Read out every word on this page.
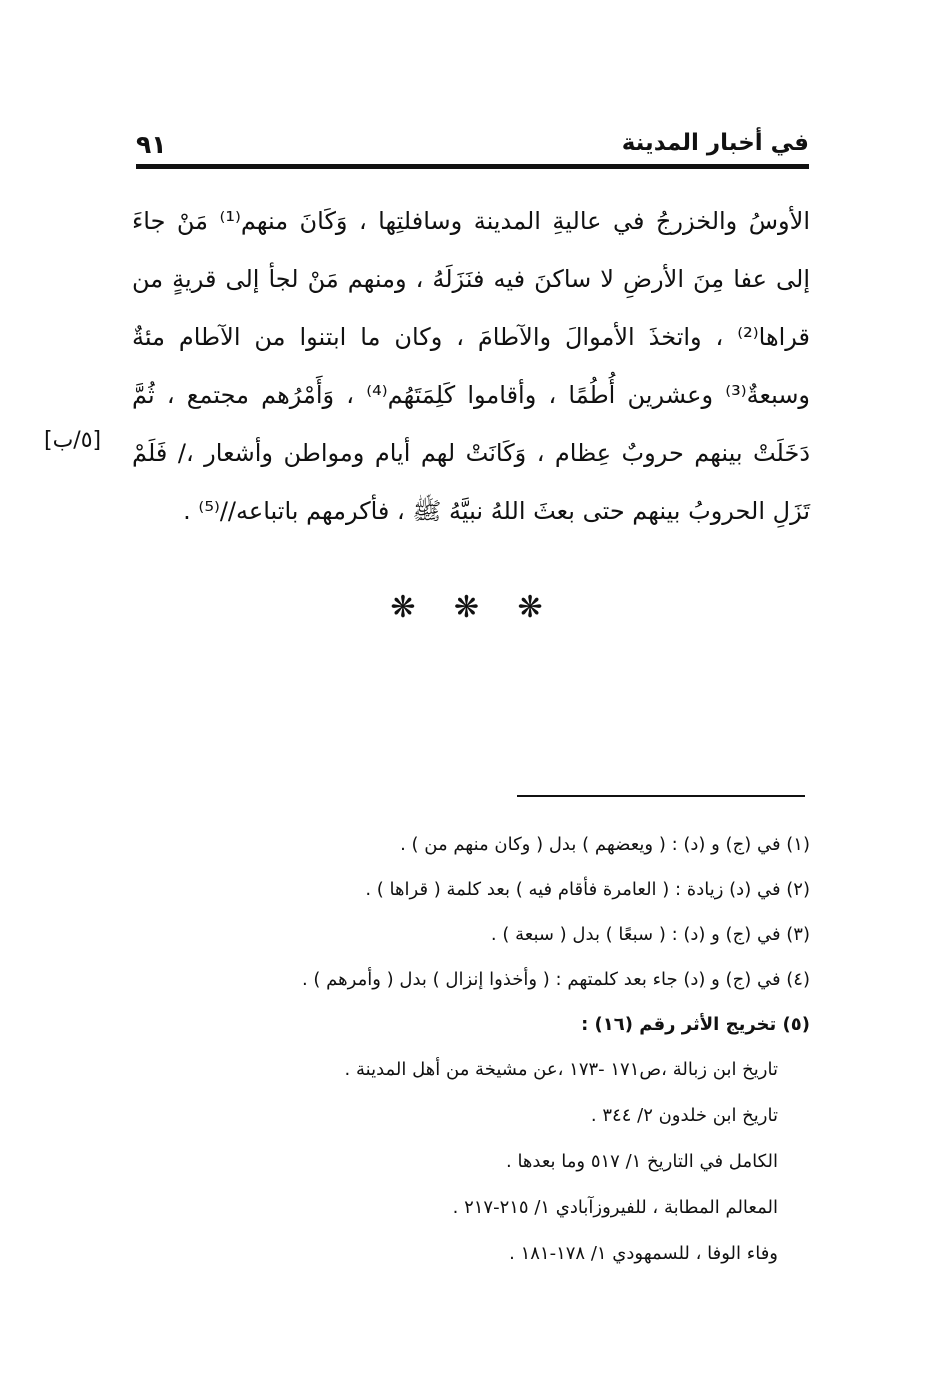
٩١	في أخبار المدينة

الأوسُ والخزرجُ في عاليةِ المدينة وسافلتِها ، وَكَانَ منهم⁽¹⁾ مَنْ جاءَ إلى عفا مِنَ الأرضِ لا ساكنَ فيه فنَزَلَهُ ، ومنهم مَنْ لجأ إلى قريةٍ من قراها⁽²⁾ ، واتخذَ الأموالَ والآطامَ ، وكان ما ابتنوا من الآطام مئةٌ وسبعةٌ⁽³⁾ وعشرين أُطُمًا ، وأقاموا كَلِمَتَهُم⁽⁴⁾ ، وَأَمْرُهم مجتمع ، ثُمَّ دَخَلَتْ بينهم حروبٌ عِظام ، وَكَانَتْ لهم أيام ومواطن وأشعار ،/ فَلَمْ تَزَلِ الحروبُ بينهم حتى بعثَ اللهُ نبيَّهُ ﷺ ، فأكرمهم باتباعه//⁽⁵⁾ .

[٥/ب]
❋ ❋ ❋
(١) في (ج) و (د) : ( ويعضهم ) بدل ( وكان منهم من ) .
(٢) في (د) زيادة : ( العامرة فأقام فيه ) بعد كلمة ( قراها ) .
(٣) في (ج) و (د) : ( سبعًا ) بدل ( سبعة ) .
(٤) في (ج) و (د) جاء بعد كلمتهم : ( وأخذوا إنزال ) بدل ( وأمرهم ) .
(٥) تخريج الأثر رقم (١٦) :
تاريخ ابن زبالة ،ص١٧١ -١٧٣ ،عن مشيخة من أهل المدينة .
تاريخ ابن خلدون ٢/ ٣٤٤ .
الكامل في التاريخ ١/ ٥١٧ وما بعدها .
المعالم المطابة ، للفيروزآبادي ١/ ٢١٥-٢١٧ .
وفاء الوفا ، للسمهودي ١/ ١٧٨-١٨١ .
